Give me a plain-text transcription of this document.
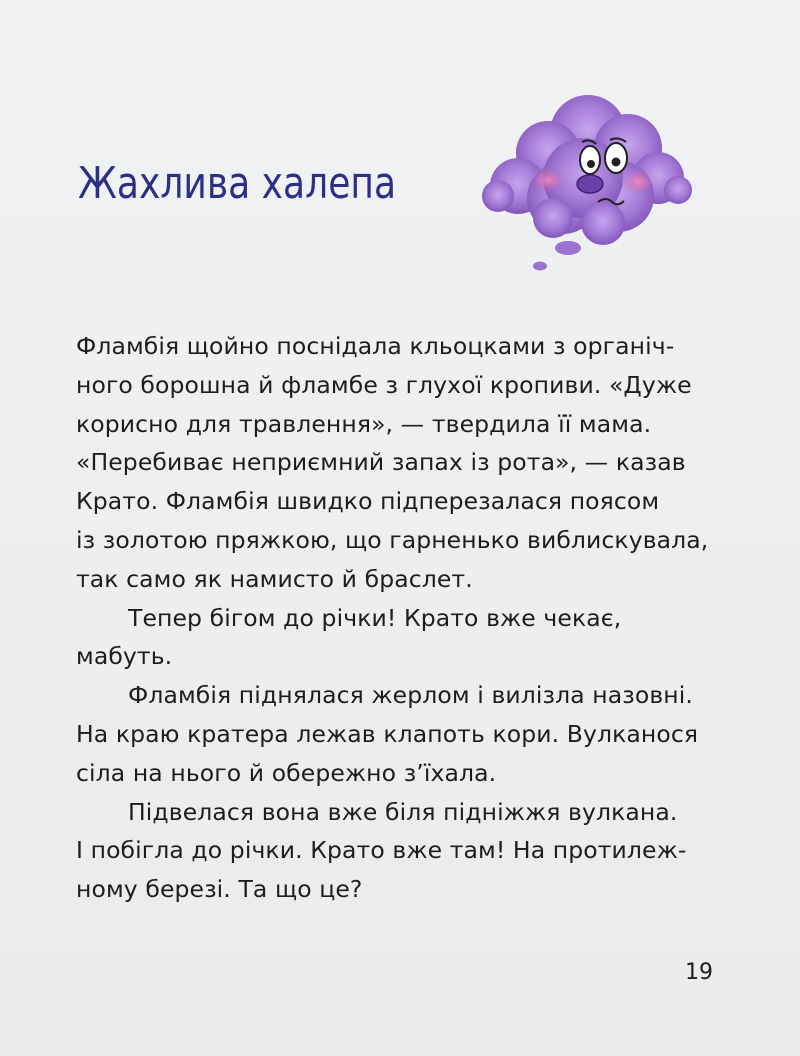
Жахлива халепа
Фламбія щойно поснідала кльоцками з органіч-
ного борошна й фламбе з глухої кропиви. «Дуже
корисно для травлення», — твердила її мама.
«Перебиває неприємний запах із рота», — казав
Крато. Фламбія швидко підперезалася поясом
із золотою пряжкою, що гарненько виблискувала,
так само як намисто й браслет.
Тепер бігом до річки! Крато вже чекає,
мабуть.
Фламбія піднялася жерлом і вилізла назовні.
На краю кратера лежав клапоть кори. Вулканося
сіла на нього й обережно з’їхала.
Підвелася вона вже біля підніжжя вулкана.
І побігла до річки. Крато вже там! На протилеж-
ному березі. Та що це?
19
